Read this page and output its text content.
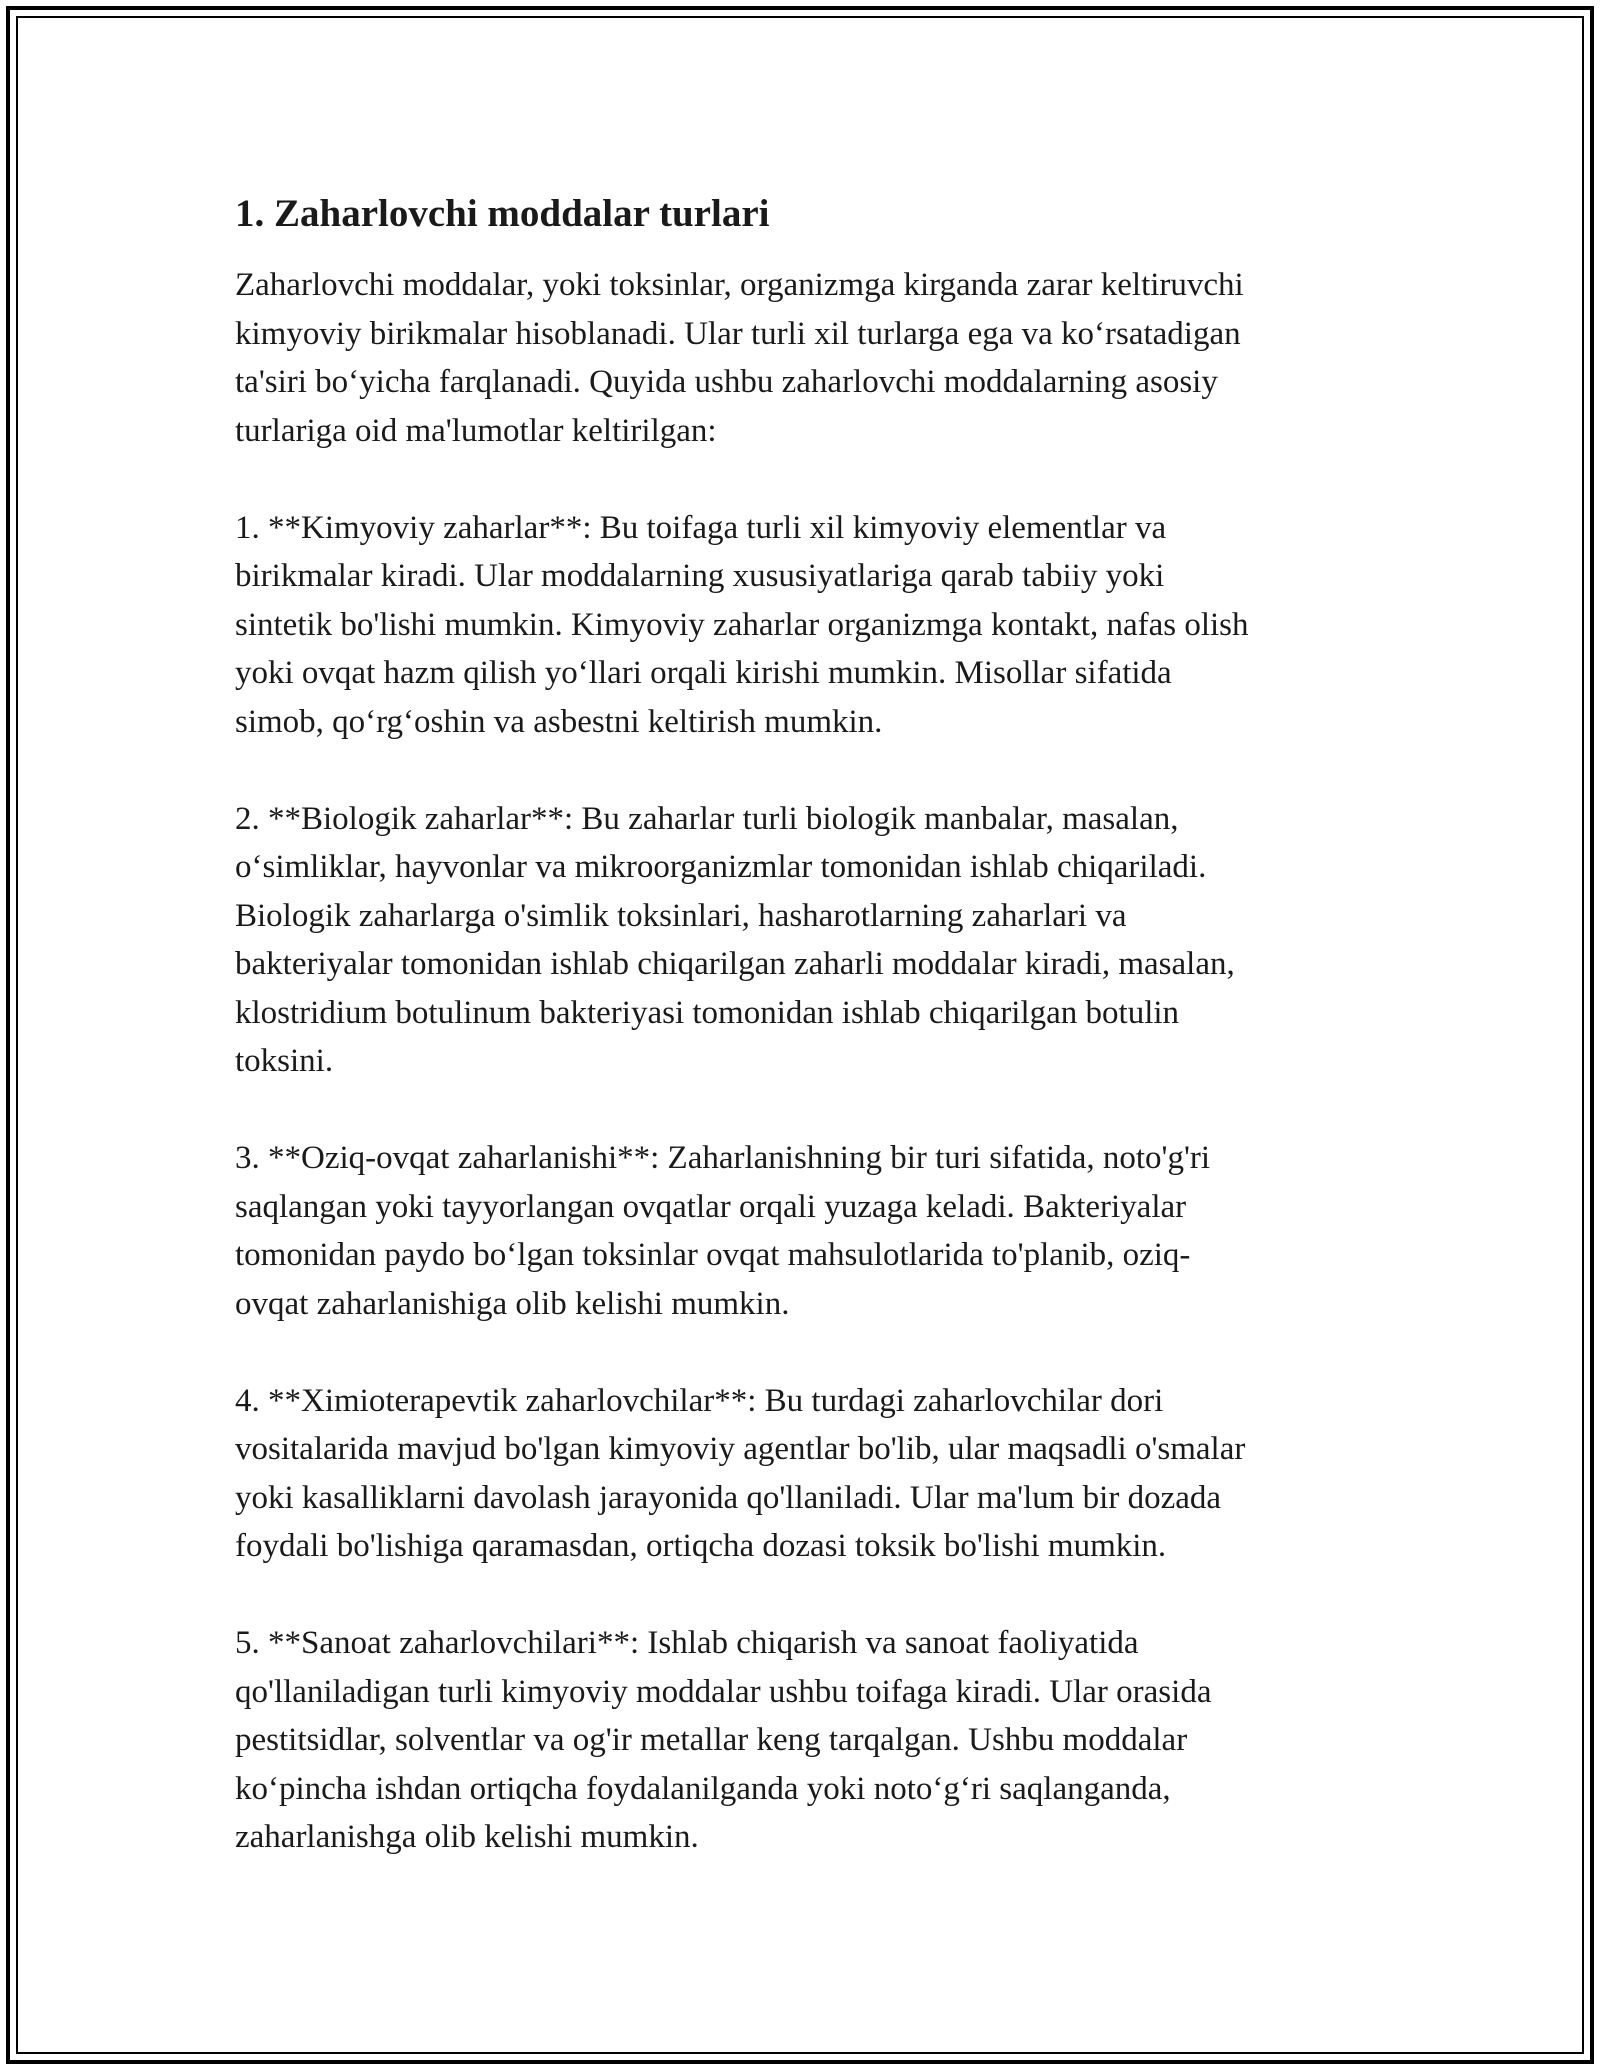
1. Zaharlovchi moddalar turlari

Zaharlovchi moddalar, yoki toksinlar, organizmga kirganda zarar keltiruvchi
kimyoviy birikmalar hisoblanadi. Ular turli xil turlarga ega va ko‘rsatadigan
ta'siri bo‘yicha farqlanadi. Quyida ushbu zaharlovchi moddalarning asosiy
turlariga oid ma'lumotlar keltirilgan:

1. **Kimyoviy zaharlar**: Bu toifaga turli xil kimyoviy elementlar va
birikmalar kiradi. Ular moddalarning xususiyatlariga qarab tabiiy yoki
sintetik bo'lishi mumkin. Kimyoviy zaharlar organizmga kontakt, nafas olish
yoki ovqat hazm qilish yo‘llari orqali kirishi mumkin. Misollar sifatida
simob, qo‘rg‘oshin va asbestni keltirish mumkin.

2. **Biologik zaharlar**: Bu zaharlar turli biologik manbalar, masalan,
o‘simliklar, hayvonlar va mikroorganizmlar tomonidan ishlab chiqariladi.
Biologik zaharlarga o'simlik toksinlari, hasharotlarning zaharlari va
bakteriyalar tomonidan ishlab chiqarilgan zaharli moddalar kiradi, masalan,
klostridium botulinum bakteriyasi tomonidan ishlab chiqarilgan botulin
toksini.

3. **Oziq-ovqat zaharlanishi**: Zaharlanishning bir turi sifatida, noto'g'ri
saqlangan yoki tayyorlangan ovqatlar orqali yuzaga keladi. Bakteriyalar
tomonidan paydo bo‘lgan toksinlar ovqat mahsulotlarida to'planib, oziq-
ovqat zaharlanishiga olib kelishi mumkin.

4. **Ximioterapevtik zaharlovchilar**: Bu turdagi zaharlovchilar dori
vositalarida mavjud bo'lgan kimyoviy agentlar bo'lib, ular maqsadli o'smalar
yoki kasalliklarni davolash jarayonida qo'llaniladi. Ular ma'lum bir dozada
foydali bo'lishiga qaramasdan, ortiqcha dozasi toksik bo'lishi mumkin.

5. **Sanoat zaharlovchilari**: Ishlab chiqarish va sanoat faoliyatida
qo'llaniladigan turli kimyoviy moddalar ushbu toifaga kiradi. Ular orasida
pestitsidlar, solventlar va og'ir metallar keng tarqalgan. Ushbu moddalar
ko‘pincha ishdan ortiqcha foydalanilganda yoki noto‘g‘ri saqlanganda,
zaharlanishga olib kelishi mumkin.
